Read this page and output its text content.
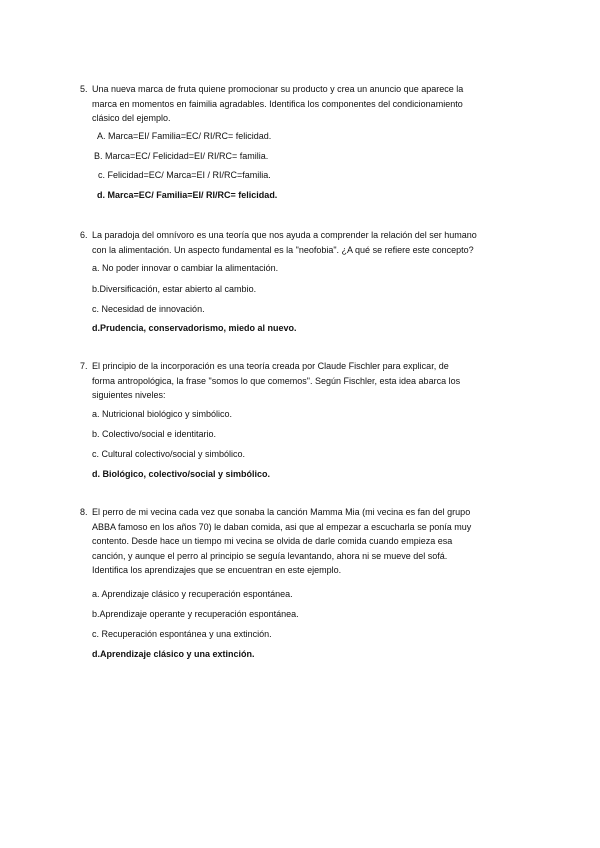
5. Una nueva marca de fruta quiene promocionar su producto y crea un anuncio que aparece la
marca en momentos en faimilia agradables. Identifica los componentes del condicionamiento
clásico del ejemplo.
A. Marca=EI/ Familia=EC/ RI/RC= felicidad.
B. Marca=EC/ Felicidad=EI/ RI/RC= familia.
c. Felicidad=EC/ Marca=EI / RI/RC=familia.
d. Marca=EC/ Familia=EI/ RI/RC= felicidad.
6. La paradoja del omnívoro es una teoría que nos ayuda a comprender la relación del ser humano
con la alimentación. Un aspecto fundamental es la "neofobia". ¿A qué se refiere este concepto?
a. No poder innovar o cambiar la alimentación.
b.Diversificación, estar abierto al cambio.
c. Necesidad de innovación.
d.Prudencia, conservadorismo, miedo al nuevo.
7. El principio de la incorporación es una teoría creada por Claude Fischler para explicar, de
forma antropológica, la frase "somos lo que comemos". Según Fischler, esta idea abarca los
siguientes niveles:
a. Nutricional biológico y simbólico.
b. Colectivo/social e identitario.
c. Cultural colectivo/social y simbólico.
d. Biológico, colectivo/social y simbólico.
8. El perro de mi vecina cada vez que sonaba la canción Mamma Mia (mi vecina es fan del grupo
ABBA famoso en los años 70) le daban comida, asi que al empezar a escucharla se ponía muy
contento. Desde hace un tiempo mi vecina se olvida de darle comida cuando empieza esa
canción, y aunque el perro al principio se seguía levantando, ahora ni se mueve del sofá.
Identifica los aprendizajes que se encuentran en este ejemplo.
a. Aprendizaje clásico y recuperación espontánea.
b.Aprendizaje operante y recuperación espontánea.
c. Recuperación espontánea y una extinción.
d.Aprendizaje clásico y una extinción.
